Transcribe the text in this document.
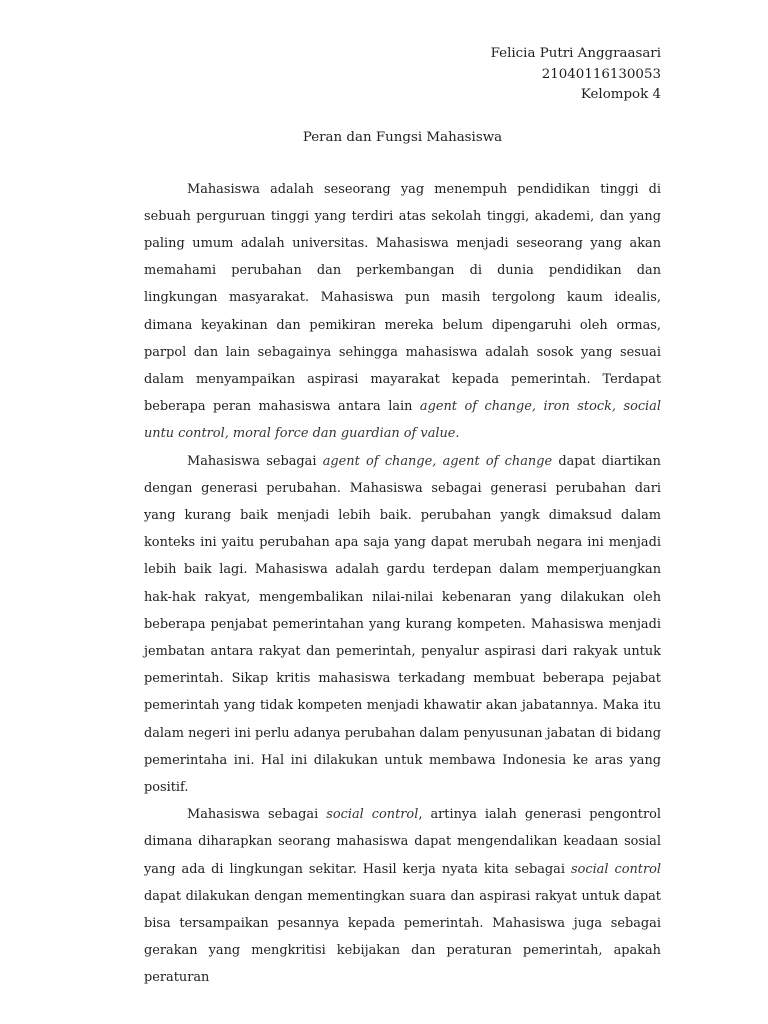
Felicia Putri Anggraasari
21040116130053
Kelompok 4
Peran dan Fungsi Mahasiswa

Mahasiswa adalah seseorang yag menempuh pendidikan tinggi di sebuah perguruan tinggi yang terdiri atas sekolah tinggi, akademi, dan yang paling umum adalah universitas. Mahasiswa menjadi seseorang yang akan memahami perubahan dan perkembangan di dunia pendidikan dan lingkungan masyarakat. Mahasiswa pun masih tergolong kaum idealis, dimana keyakinan dan pemikiran mereka belum dipengaruhi oleh ormas, parpol dan lain sebagainya sehingga mahasiswa adalah sosok yang sesuai dalam menyampaikan aspirasi mayarakat kepada pemerintah. Terdapat beberapa peran mahasiswa antara lain agent of change, iron stock, social untu control, moral force dan guardian of value.

Mahasiswa sebagai agent of change, agent of change dapat diartikan dengan generasi perubahan. Mahasiswa sebagai generasi perubahan dari yang kurang baik menjadi lebih baik. perubahan yangk dimaksud dalam konteks ini yaitu perubahan apa saja yang dapat merubah negara ini menjadi lebih baik lagi. Mahasiswa adalah gardu terdepan dalam memperjuangkan hak-hak rakyat, mengembalikan nilai-nilai kebenaran yang dilakukan oleh beberapa penjabat pemerintahan yang kurang kompeten. Mahasiswa menjadi jembatan antara rakyat dan pemerintah, penyalur aspirasi dari rakyak untuk pemerintah. Sikap kritis mahasiswa terkadang membuat beberapa pejabat pemerintah yang tidak kompeten menjadi khawatir akan jabatannya. Maka itu dalam negeri ini perlu adanya perubahan dalam penyusunan jabatan di bidang pemerintaha ini. Hal ini dilakukan untuk membawa Indonesia ke aras yang positif.

Mahasiswa sebagai social control, artinya ialah generasi pengontrol dimana diharapkan seorang mahasiswa dapat mengendalikan keadaan sosial yang ada di lingkungan sekitar. Hasil kerja nyata kita sebagai social control dapat dilakukan dengan mementingkan suara dan aspirasi rakyat untuk dapat bisa tersampaikan pesannya kepada pemerintah. Mahasiswa juga sebagai gerakan yang mengkritisi kebijakan dan peraturan pemerintah, apakah peraturan
